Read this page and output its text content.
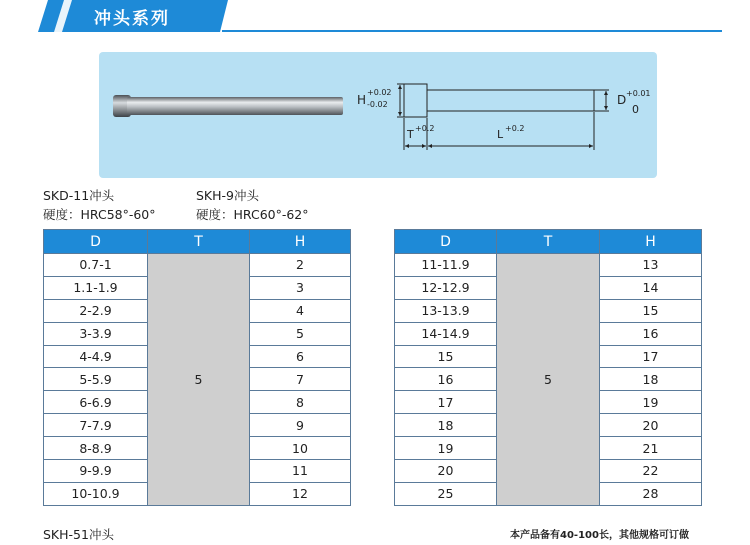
冲头系列
H
+0.02
-0.02	D +0.01
0
T +0.2	L +0.2
SKD-11冲头
硬度：HRC58°-60°
SKH-9冲头
硬度：HRC60°-62°
D	T	H
0.7-1	5	2
1.1-1.9		3
2-2.9		4
3-3.9		5
4-4.9		6
5-5.9		7
6-6.9		8
7-7.9		9
8-8.9		10
9-9.9		11
10-10.9		12
D	T	H
11-11.9	5	13
12-12.9		14
13-13.9		15
14-14.9		16
15		17
16		18
17		19
18		20
19		21
20		22
25		28
SKH-51冲头	本产品备有40-100长，其他规格可订做
